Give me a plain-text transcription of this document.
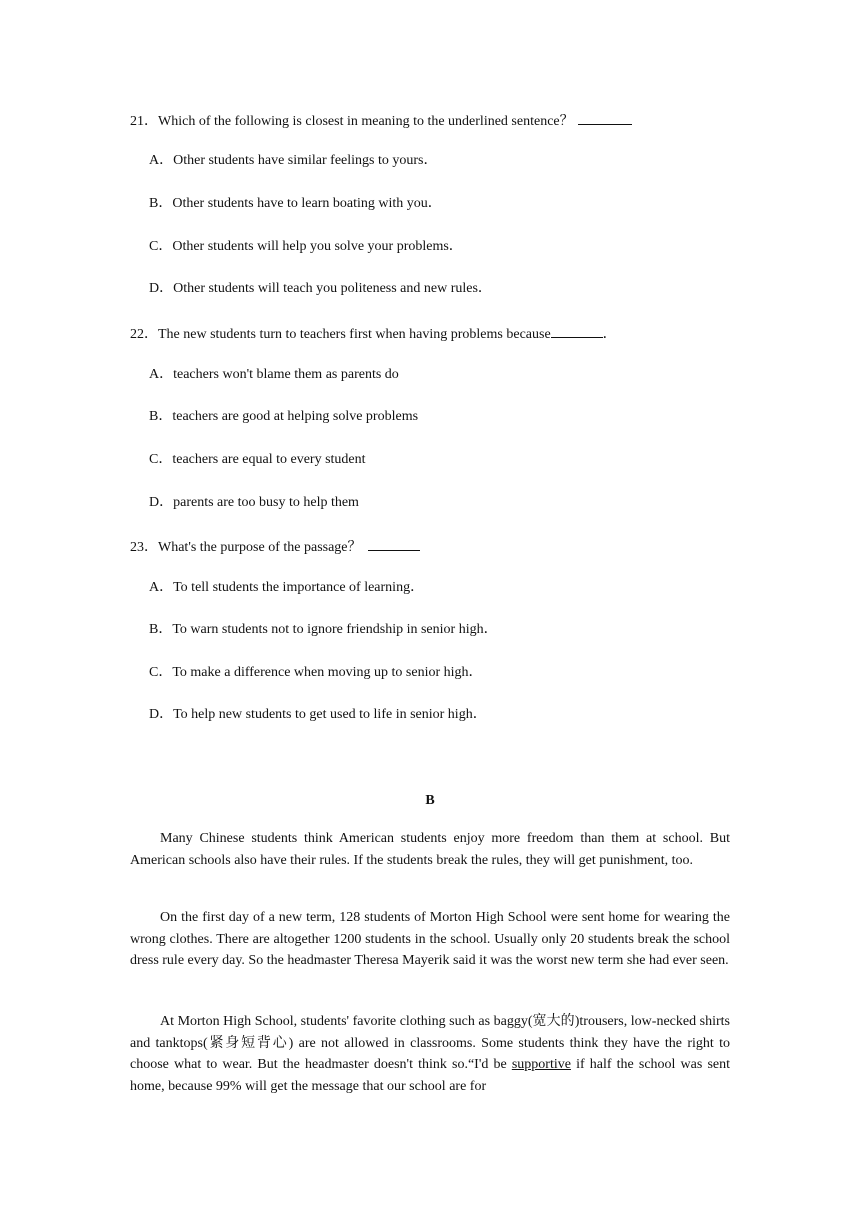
21．Which of the following is closest in meaning to the underlined sentence？
A．Other students have similar feelings to yours．
B．Other students have to learn boating with you．
C．Other students will help you solve your problems．
D．Other students will teach you politeness and new rules．
22．The new students turn to teachers first when having problems because	．
A．teachers won't blame them as parents do
B．teachers are good at helping solve problems
C．teachers are equal to every student
D．parents are too busy to help them
23．What's the purpose of the passage？
A．To tell students the importance of learning．
B．To warn students not to ignore friendship in senior high．
C．To make a difference when moving up to senior high．
D．To help new students to get used to life in senior high．
B

Many Chinese students think American students enjoy more freedom than them at school. But American schools also have their rules. If the students break the rules, they will get punishment, too.

On the first day of a new term, 128 students of Morton High School were sent home for wearing the wrong clothes. There are altogether 1200 students in the school. Usually only 20 students break the school dress rule every day. So the headmaster Theresa Mayerik said it was the worst new term she had ever seen.

At Morton High School, students' favorite clothing such as baggy(宽大的)trousers, low-necked shirts and tanktops(紧身短背心) are not allowed in classrooms. Some students think they have the right to choose what to wear. But the headmaster doesn't think so.“I'd be supportive if half the school was sent home, because 99% will get the message that our school are for
